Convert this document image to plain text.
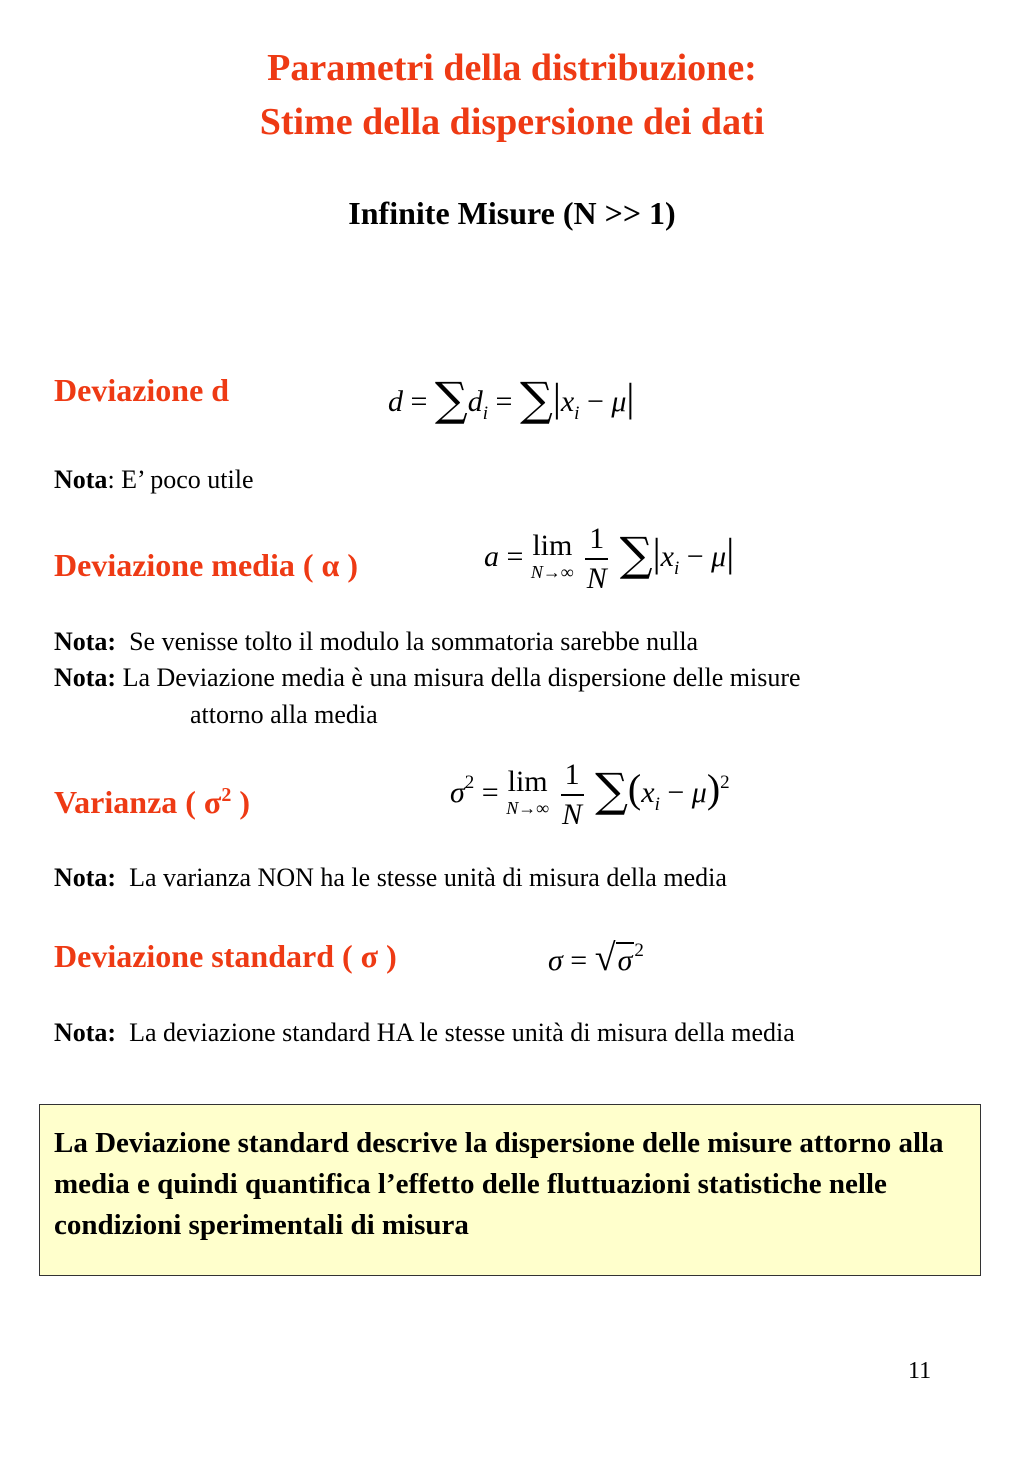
Parametri della distribuzione:
Stime della dispersione dei dati
Infinite Misure (N >> 1)
Deviazione d	$d = \sum d_i = \sum|x_i - \mu|$
Nota: E’ poco utile
Deviazione media ( α )	a = lim
N→∞
$\frac{1}{N} \sum|x_i - \mu|$
Nota: Se venisse tolto il modulo la sommatoria sarebbe nulla
Nota: La Deviazione media è una misura della dispersione delle misure
attorno alla media
Varianza ( $\sigma^2$ )	$\sigma^2 = \lim$
N→∞
$\frac{1}{N} \sum(x_i - \mu)^2$
Nota: La varianza NON ha le stesse unità di misura della media
Deviazione standard ( σ )	σ = √σ $^2$
Nota: La deviazione standard HA le stesse unità di misura della media
La Deviazione standard descrive la dispersione delle misure attorno alla media e quindi quantifica l’effetto delle fluttuazioni statistiche nelle condizioni sperimentali di misura
11
